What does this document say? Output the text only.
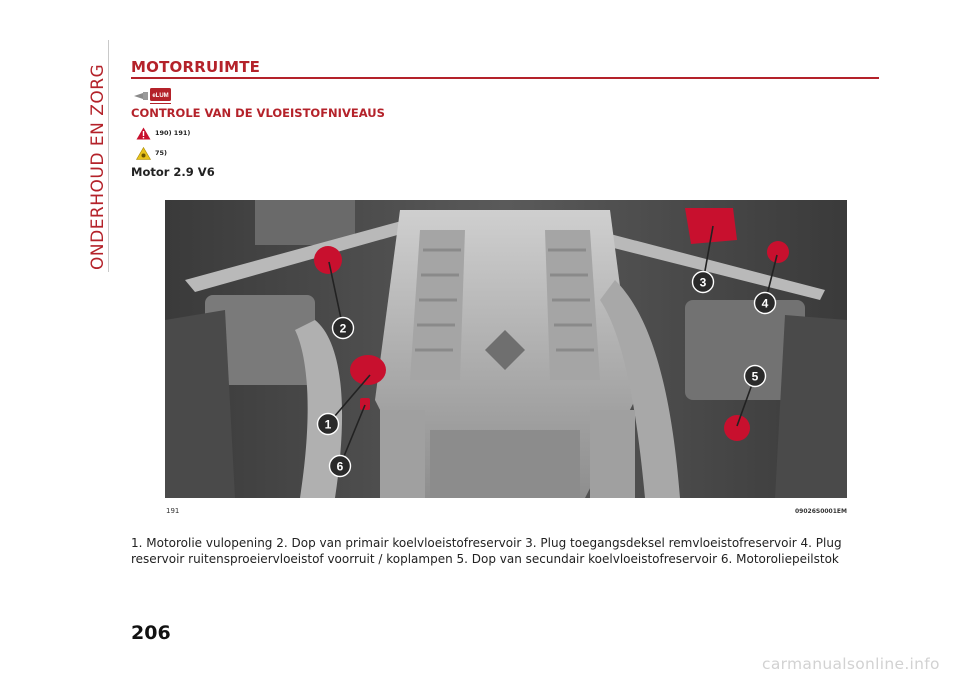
ONDERHOUD EN ZORG MOTORRUIMTE
eLUM
CONTROLE VAN DE VLOEISTOFNIVEAUS
190) 191)
75)
Motor 2.9 V6
1
2
3
4
5
6
191	09026S0001EM
1. Motorolie vulopening 2. Dop van primair koelvloeistofreservoir 3. Plug toegangsdeksel remvloeistofreservoir 4. Plug reservoir ruitensproeiervloeistof voorruit / koplampen 5. Dop van secundair koelvloeistofreservoir 6. Motoroliepeilstok
206
carmanualsonline.info
